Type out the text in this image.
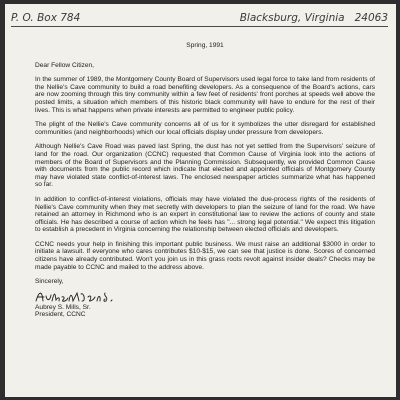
P. O. Box 784	Blacksburg, Virginia   24063
Spring, 1991
Dear Fellow Citizen,

In the summer of 1989, the Montgomery County Board of Supervisors used legal force to take land from residents of the Nellie's Cave community to build a road benefiting developers. As a consequence of the Board's actions, cars are now zooming through this tiny community within a few feet of residents' front porches at speeds well above the posted limits, a situation which members of this historic black community will have to endure for the rest of their lives. This is what happens when private interests are permitted to engineer public policy.

The plight of the Nellie's Cave community concerns all of us for it symbolizes the utter disregard for established communities (and neighborhoods) which our local officials display under pressure from developers.

Although Nellie's Cave Road was paved last Spring, the dust has not yet settled from the Supervisors' seizure of land for the road. Our organization (CCNC) requested that Common Cause of Virginia look into the actions of members of the Board of Supervisors and the Planning Commission. Subsequently, we provided Common Cause with documents from the public record which indicate that elected and appointed officials of Montgomery County may have violated state conflict-of-interest laws. The enclosed newspaper articles summarize what has happened so far.

In addition to conflict-of-interest violations, officials may have violated the due-process rights of the residents of Nellie's Cave community when they met secretly with developers to plan the seizure of land for the road. We have retained an attorney in Richmond who is an expert in constitutional law to review the actions of county and state officials. He has described a course of action which he feels has "... strong legal potential." We expect this litigation to establish a precedent in Virginia concerning the relationship between elected officials and developers.

CCNC needs your help in finishing this important public business. We must raise an additional $3000 in order to initiate a lawsuit. If everyone who cares contributes $10-$15, we can see that justice is done. Scores of concerned citizens have already contributed. Won't you join us in this grass roots revolt against insider deals? Checks may be made payable to CCNC and mailed to the address above.

Sincerely,
Aubrey S. Mills, Sr.
President, CCNC
